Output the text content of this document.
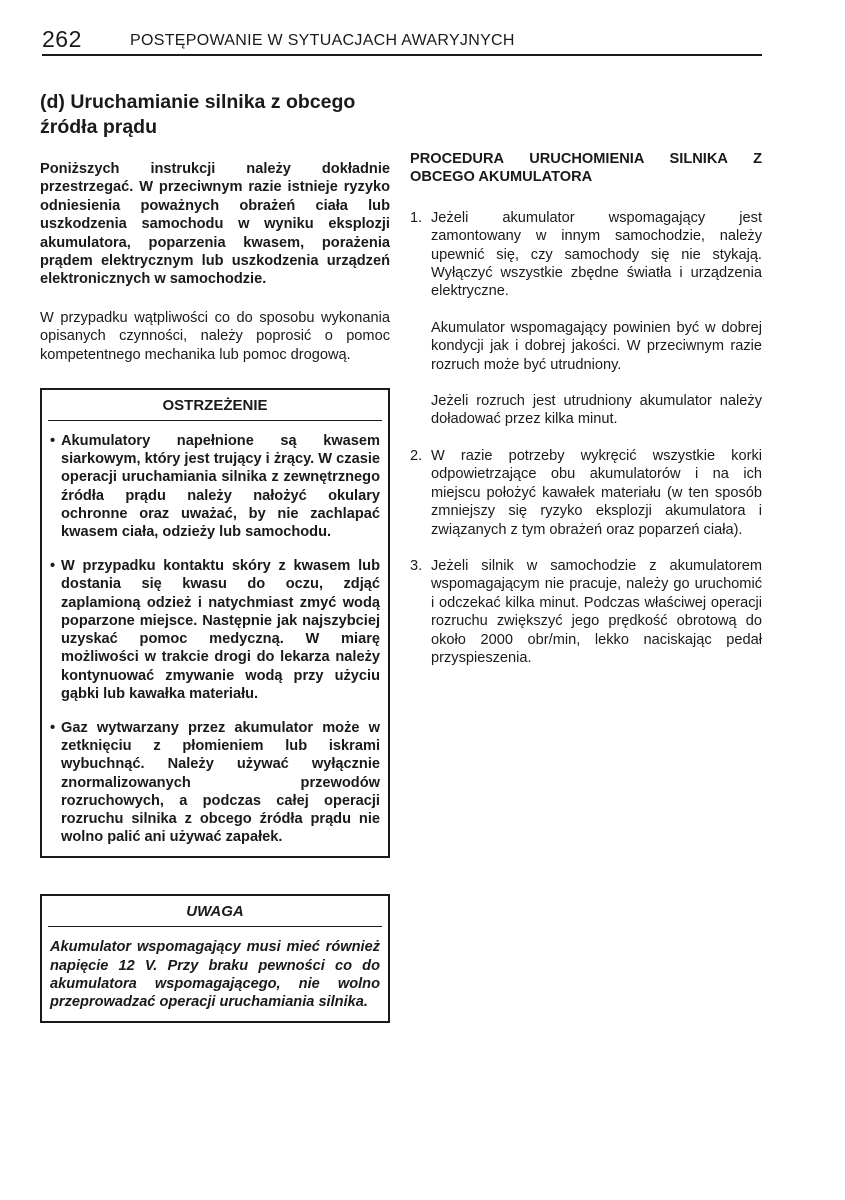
262	POSTĘPOWANIE W SYTUACJACH AWARYJNYCH
(d) Uruchamianie silnika z obcego
źródła prądu

Poniższych instrukcji należy dokładnie przestrzegać. W przeciwnym razie istnieje ryzyko odniesienia poważnych obrażeń ciała lub uszkodzenia samochodu w wyniku eksplozji akumulatora, poparzenia kwasem, porażenia prądem elektrycznym lub uszkodzenia urządzeń elektronicznych w samochodzie.

W przypadku wątpliwości co do sposobu wykonania opisanych czynności, należy poprosić o pomoc kompetentnego mechanika lub pomoc drogową.

OSTRZEŻENIE
• Akumulatory napełnione są kwasem siarkowym, który jest trujący i żrący. W czasie operacji uruchamiania silnika z zewnętrznego źródła prądu należy nałożyć okulary ochronne oraz uważać, by nie zachlapać kwasem ciała, odzieży lub samochodu.
• W przypadku kontaktu skóry z kwasem lub dostania się kwasu do oczu, zdjąć zaplamioną odzież i natychmiast zmyć wodą poparzone miejsce. Następnie jak najszybciej uzyskać pomoc medyczną. W miarę możliwości w trakcie drogi do lekarza należy kontynuować zmywanie wodą przy użyciu gąbki lub kawałka materiału.
• Gaz wytwarzany przez akumulator może w zetknięciu z płomieniem lub iskrami wybuchnąć. Należy używać wyłącznie znormalizowanych przewodów rozruchowych, a podczas całej operacji rozruchu silnika z obcego źródła prądu nie wolno palić ani używać zapałek.
UWAGA

Akumulator wspomagający musi mieć również napięcie 12 V. Przy braku pewności co do akumulatora wspomagającego, nie wolno przeprowadzać operacji uruchamiania silnika.

PROCEDURA URUCHOMIENIA SILNIKA Z OBCEGO AKUMULATORA

1. Jeżeli akumulator wspomagający jest zamontowany w innym samochodzie, należy upewnić się, czy samochody się nie stykają. Wyłączyć wszystkie zbędne światła i urządzenia elektryczne.

Akumulator wspomagający powinien być w dobrej kondycji jak i dobrej jakości. W przeciwnym razie rozruch może być utrudniony.

Jeżeli rozruch jest utrudniony akumulator należy doładować przez kilka minut.

2. W razie potrzeby wykręcić wszystkie korki odpowietrzające obu akumulatorów i na ich miejscu położyć kawałek materiału (w ten sposób zmniejszy się ryzyko eksplozji akumulatora i związanych z tym obrażeń oraz poparzeń ciała).

3. Jeżeli silnik w samochodzie z akumulatorem wspomagającym nie pracuje, należy go uruchomić i odczekać kilka minut. Podczas właściwej operacji rozruchu zwiększyć jego prędkość obrotową do około 2000 obr/min, lekko naciskając pedał przyspieszenia.
